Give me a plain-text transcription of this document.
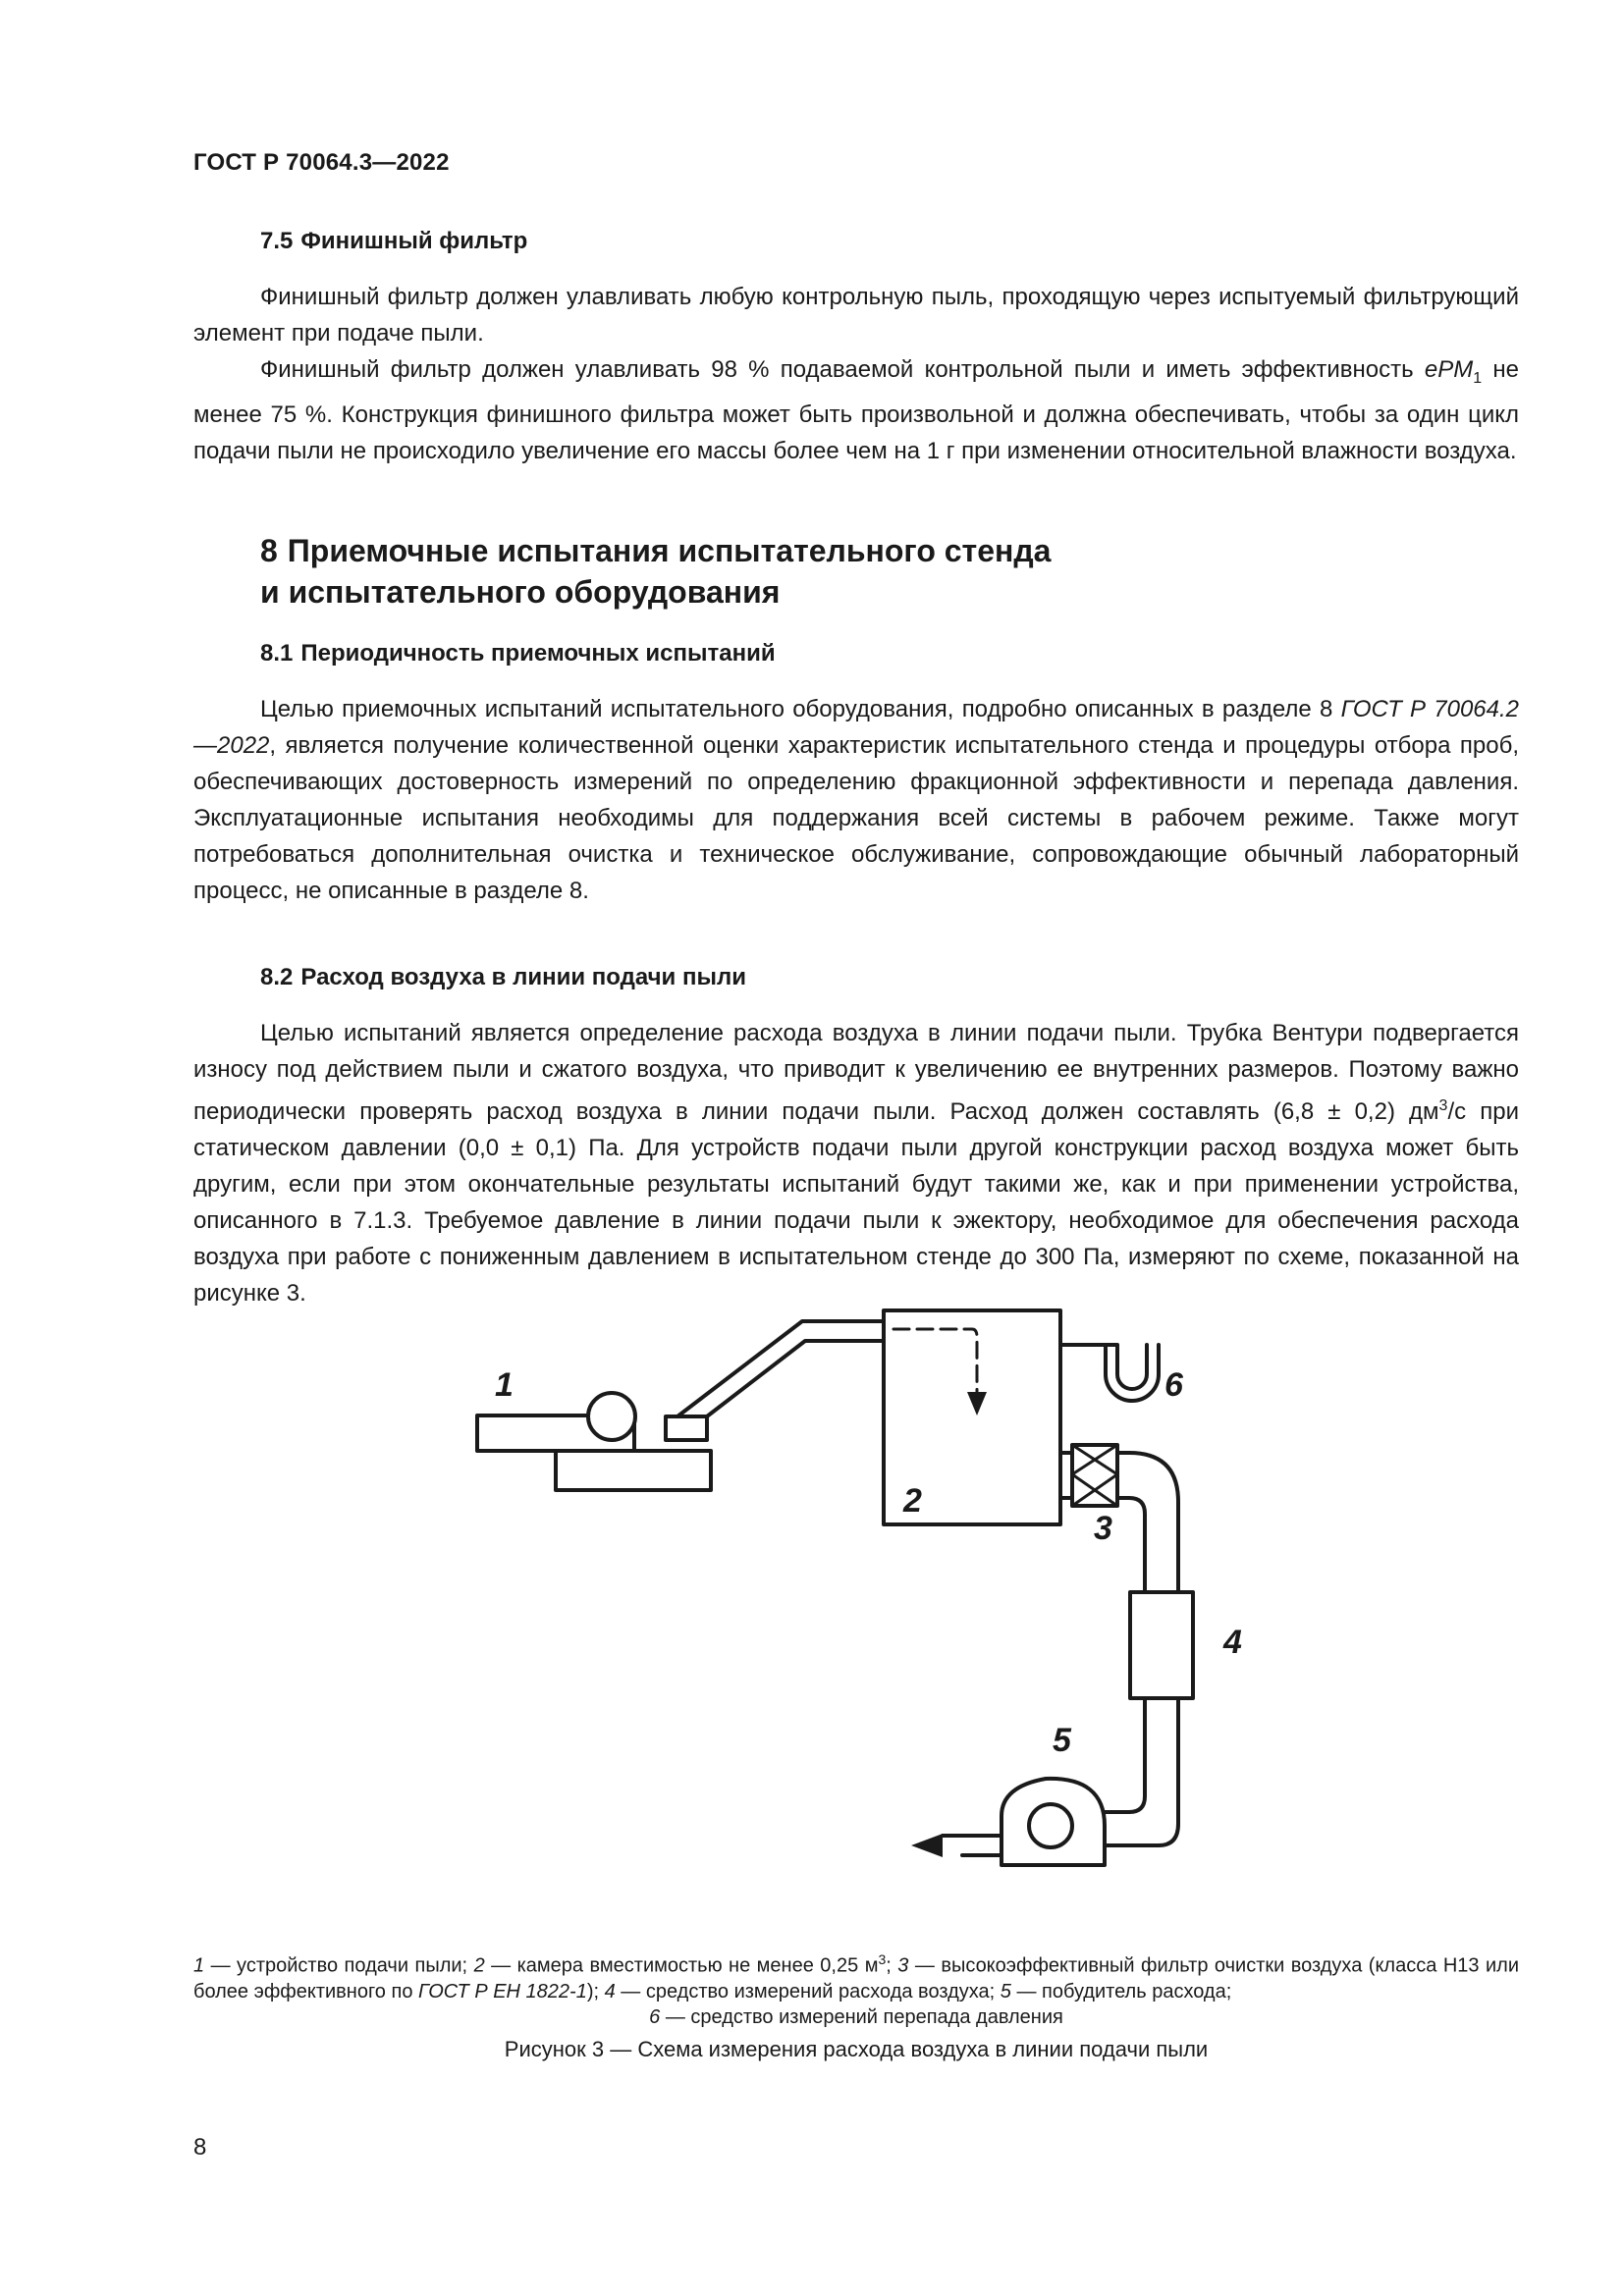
ГОСТ Р 70064.3—2022
7.5 Финишный фильтр

Финишный фильтр должен улавливать любую контрольную пыль, проходящую через испытуемый фильтрующий элемент при подаче пыли.

Финишный фильтр должен улавливать 98 % подаваемой контрольной пыли и иметь эффективность ePM$_1$ не менее 75 %. Конструкция финишного фильтра может быть произвольной и должна обеспечивать, чтобы за один цикл подачи пыли не происходило увеличение его массы более чем на 1 г при изменении относительной влажности воздуха.

8 Приемочные испытания испытательного стенда
и испытательного оборудования
8.1 Периодичность приемочных испытаний

Целью приемочных испытаний испытательного оборудования, подробно описанных в разделе 8 ГОСТ Р 70064.2—2022, является получение количественной оценки характеристик испытательного стенда и процедуры отбора проб, обеспечивающих достоверность измерений по определению фракционной эффективности и перепада давления. Эксплуатационные испытания необходимы для поддержания всей системы в рабочем режиме. Также могут потребоваться дополнительная очистка и техническое обслуживание, сопровождающие обычный лабораторный процесс, не описанные в разделе 8.

8.2 Расход воздуха в линии подачи пыли

Целью испытаний является определение расхода воздуха в линии подачи пыли. Трубка Вентури подвергается износу под действием пыли и сжатого воздуха, что приводит к увеличению ее внутренних размеров. Поэтому важно периодически проверять расход воздуха в линии подачи пыли. Расход должен составлять (6,8 ± 0,2) $дм^3/с$ при статическом давлении (0,0 ± 0,1) Па. Для устройств подачи пыли другой конструкции расход воздуха может быть другим, если при этом окончательные результаты испытаний будут такими же, как и при применении устройства, описанного в 7.1.3. Требуемое давление в линии подачи пыли к эжектору, необходимое для обеспечения расхода воздуха при работе с пониженным давлением в испытательном стенде до 300 Па, измеряют по схеме, показанной на рисунке 3.

1
2
3
4
5
6
1 — устройство подачи пыли; 2 — камера вместимостью не менее 0,25 $м^3$; 3 — высокоэффективный фильтр очистки воздуха (класса Н13 или более эффективного по ГОСТ Р ЕН 1822-1); 4 — средство измерений расхода воздуха; 5 — побудитель расхода;
6 — средство измерений перепада давления
Рисунок 3 — Схема измерения расхода воздуха в линии подачи пыли
8
